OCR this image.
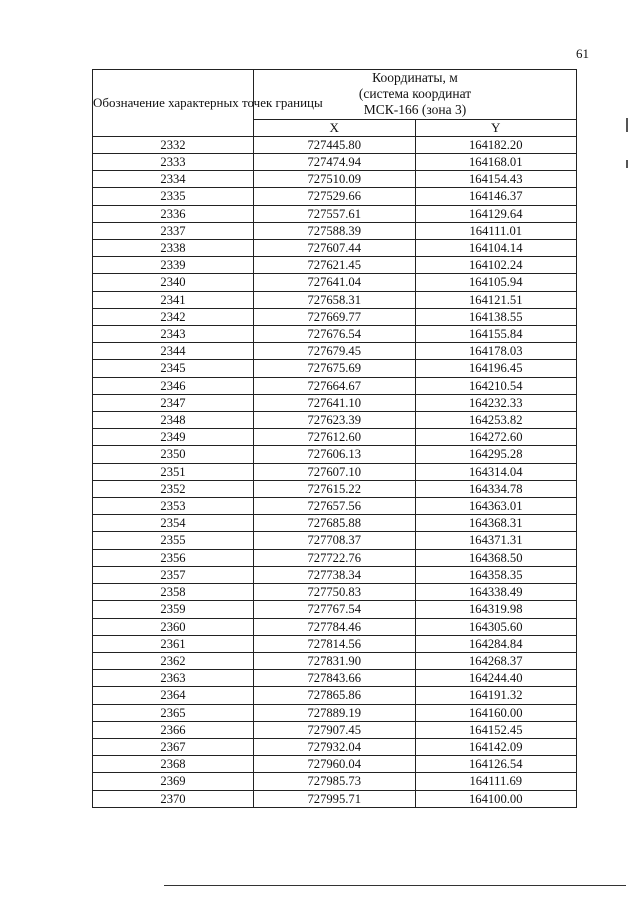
61
Обозначение характерных точек границы	Координаты, м
(система координат
МСК-166 (зона 3)	

	X	Y
2332	727445.80	164182.20
2333	727474.94	164168.01
2334	727510.09	164154.43
2335	727529.66	164146.37
2336	727557.61	164129.64
2337	727588.39	164111.01
2338	727607.44	164104.14
2339	727621.45	164102.24
2340	727641.04	164105.94
2341	727658.31	164121.51
2342	727669.77	164138.55
2343	727676.54	164155.84
2344	727679.45	164178.03
2345	727675.69	164196.45
2346	727664.67	164210.54
2347	727641.10	164232.33
2348	727623.39	164253.82
2349	727612.60	164272.60
2350	727606.13	164295.28
2351	727607.10	164314.04
2352	727615.22	164334.78
2353	727657.56	164363.01
2354	727685.88	164368.31
2355	727708.37	164371.31
2356	727722.76	164368.50
2357	727738.34	164358.35
2358	727750.83	164338.49
2359	727767.54	164319.98
2360	727784.46	164305.60
2361	727814.56	164284.84
2362	727831.90	164268.37
2363	727843.66	164244.40
2364	727865.86	164191.32
2365	727889.19	164160.00
2366	727907.45	164152.45
2367	727932.04	164142.09
2368	727960.04	164126.54
2369	727985.73	164111.69
2370	727995.71	164100.00
